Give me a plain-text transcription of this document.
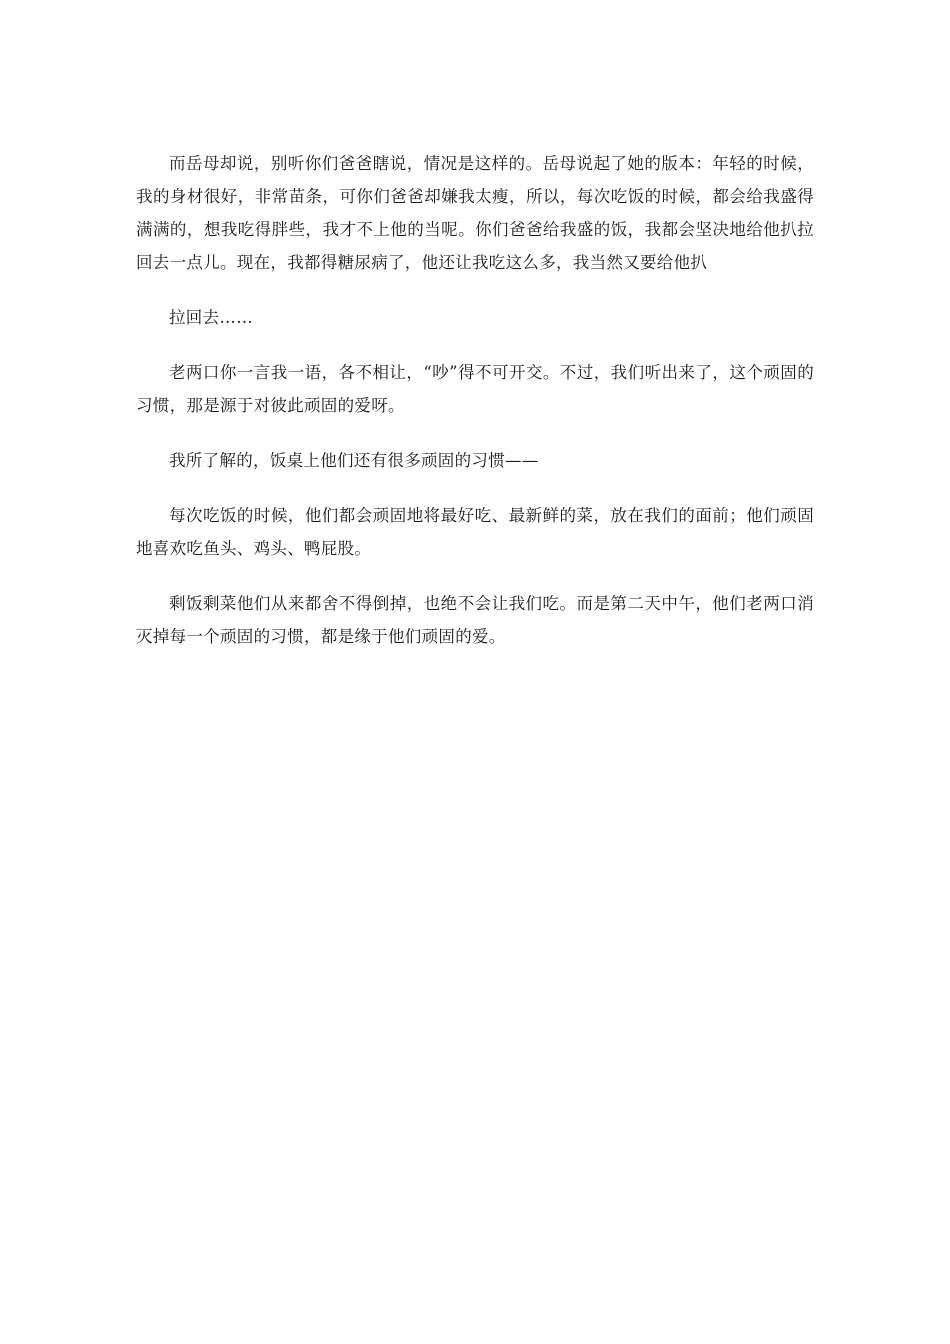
而岳母却说，别听你们爸爸瞎说，情况是这样的。岳母说起了她的版本：年轻的时候，我的身材很好，非常苗条，可你们爸爸却嫌我太瘦，所以，每次吃饭的时候，都会给我盛得满满的，想我吃得胖些，我才不上他的当呢。你们爸爸给我盛的饭，我都会坚决地给他扒拉回去一点儿。现在，我都得糖尿病了，他还让我吃这么多，我当然又要给他扒

拉回去……

老两口你一言我一语，各不相让，“吵”得不可开交。不过，我们听出来了，这个顽固的习惯，那是源于对彼此顽固的爱呀。

我所了解的，饭桌上他们还有很多顽固的习惯——

每次吃饭的时候，他们都会顽固地将最好吃、最新鲜的菜，放在我们的面前；他们顽固地喜欢吃鱼头、鸡头、鸭屁股。

剩饭剩菜他们从来都舍不得倒掉，也绝不会让我们吃。而是第二天中午，他们老两口消灭掉每一个顽固的习惯，都是缘于他们顽固的爱。
